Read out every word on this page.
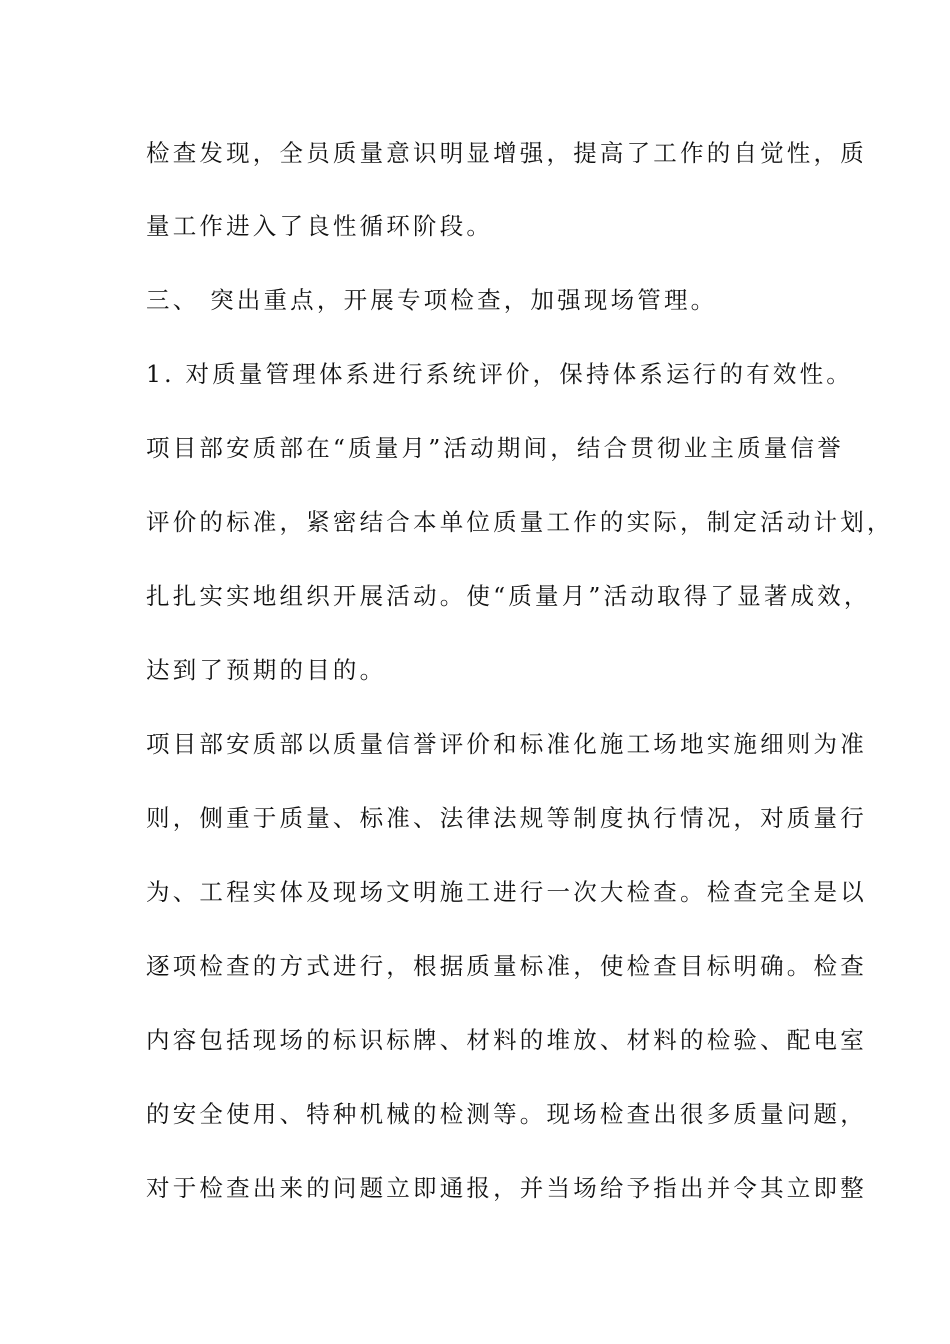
检查发现，全员质量意识明显增强，提高了工作的自觉性，质
量工作进入了良性循环阶段。
三、 突出重点，开展专项检查，加强现场管理。
1. 对质量管理体系进行系统评价，保持体系运行的有效性。
项目部安质部在“质量月”活动期间，结合贯彻业主质量信誉
评价的标准，紧密结合本单位质量工作的实际，制定活动计划，
扎扎实实地组织开展活动。使“质量月”活动取得了显著成效，
达到了预期的目的。
项目部安质部以质量信誉评价和标准化施工场地实施细则为准
则，侧重于质量、标准、法律法规等制度执行情况，对质量行
为、工程实体及现场文明施工进行一次大检查。检查完全是以
逐项检查的方式进行，根据质量标准，使检查目标明确。检查
内容包括现场的标识标牌、材料的堆放、材料的检验、配电室
的安全使用、特种机械的检测等。现场检查出很多质量问题，
对于检查出来的问题立即通报，并当场给予指出并令其立即整
